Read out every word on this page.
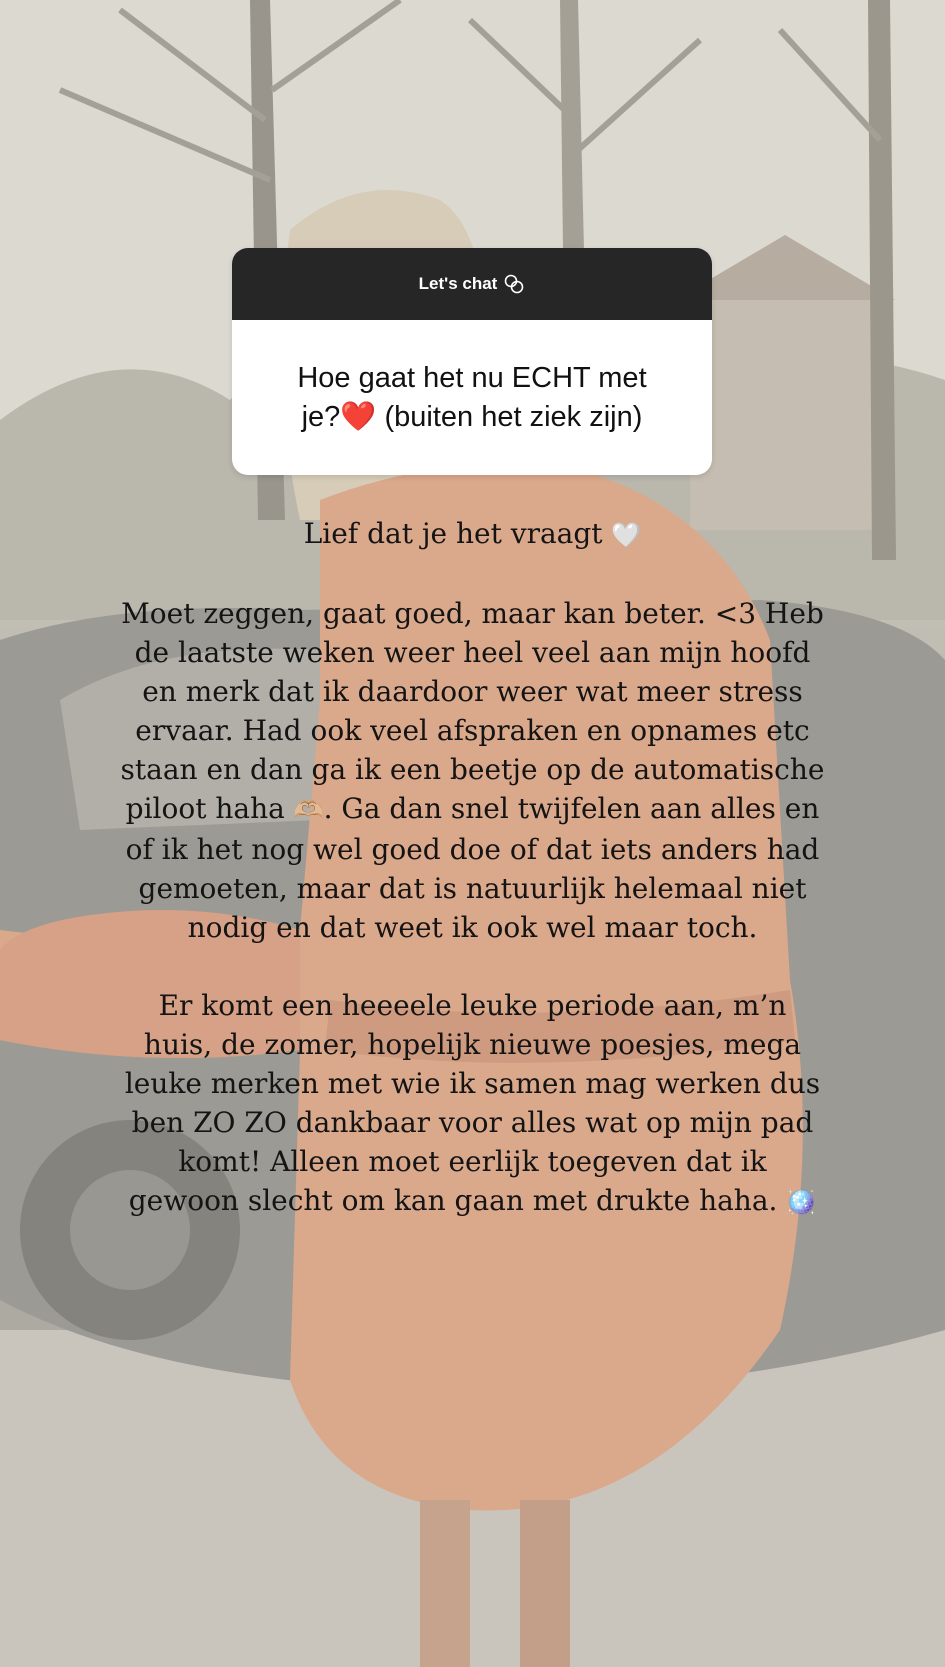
Let's chat
Hoe gaat het nu ECHT met
je?❤️ (buiten het ziek zijn)

Lief dat je het vraagt 🤍

Moet zeggen, gaat goed, maar kan beter. <3 Heb de laatste weken weer heel veel aan mijn hoofd en merk dat ik daardoor weer wat meer stress ervaar. Had ook veel afspraken en opnames etc staan en dan ga ik een beetje op de automatische piloot haha 🫶🏼. Ga dan snel twijfelen aan alles en of ik het nog wel goed doe of dat iets anders had gemoeten, maar dat is natuurlijk helemaal niet nodig en dat weet ik ook wel maar toch.

Er komt een heeeele leuke periode aan, m’n huis, de zomer, hopelijk nieuwe poesjes, mega leuke merken met wie ik samen mag werken dus ben ZO ZO dankbaar voor alles wat op mijn pad komt! Alleen moet eerlijk toegeven dat ik gewoon slecht om kan gaan met drukte haha. 🪩
